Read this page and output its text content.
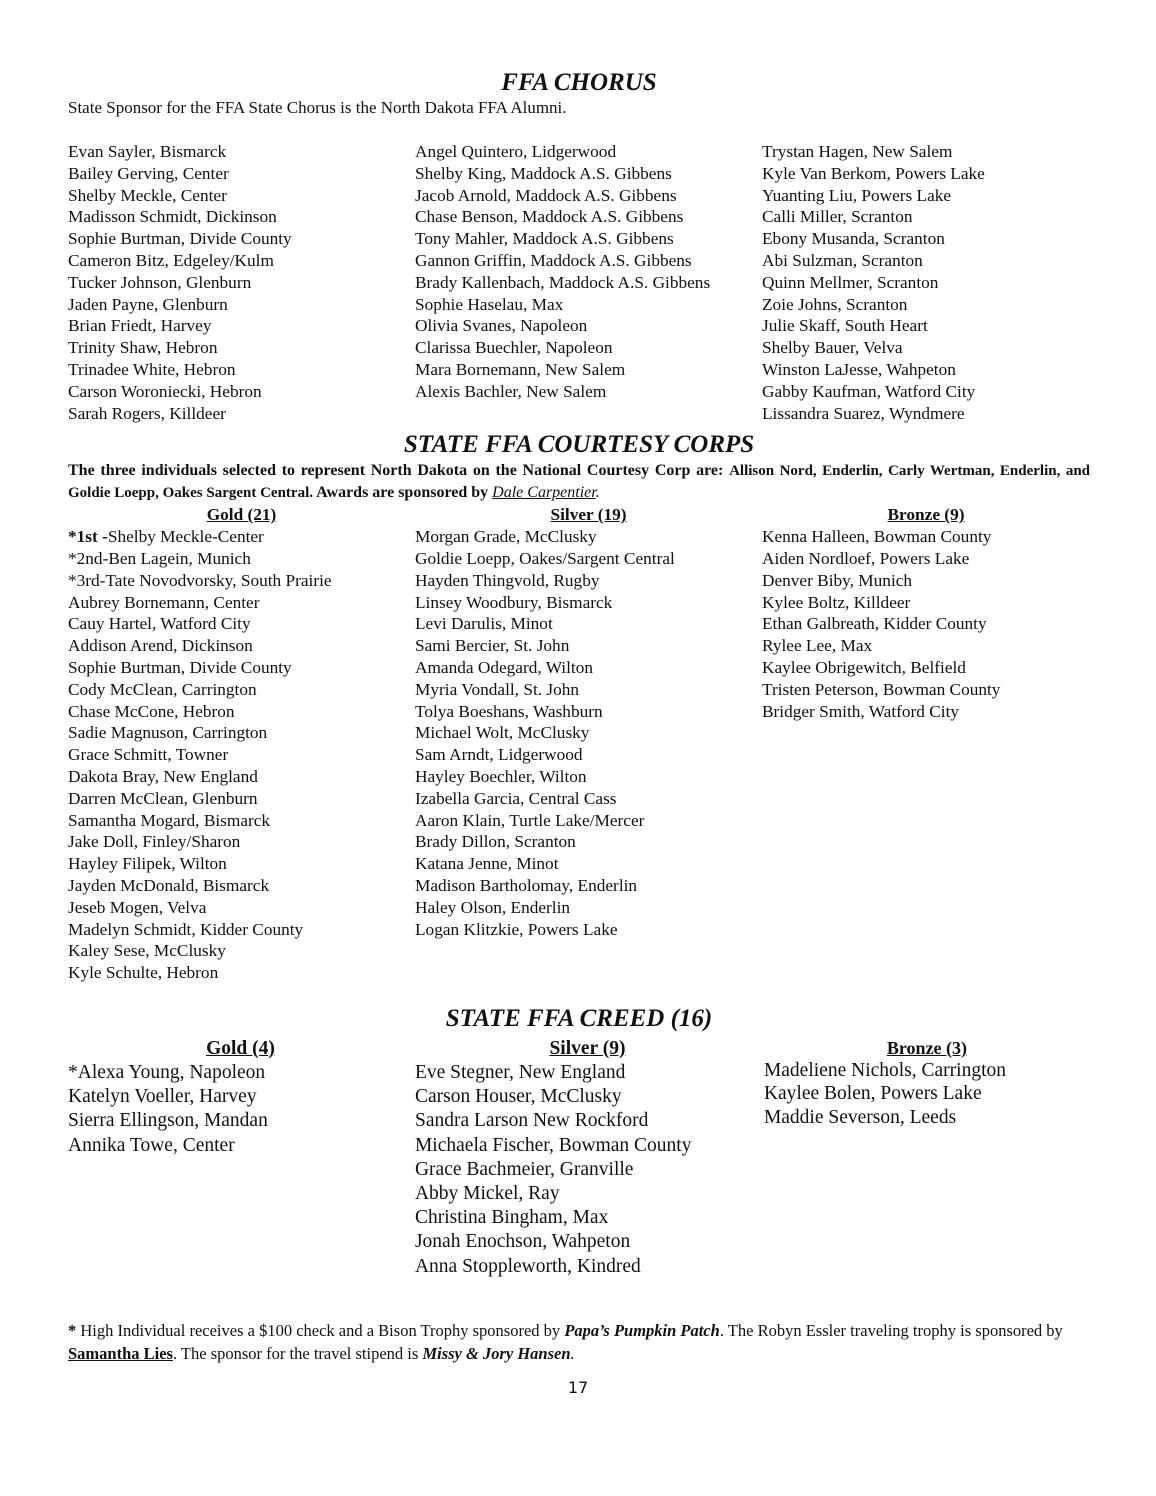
FFA CHORUS

State Sponsor for the FFA State Chorus is the North Dakota FFA Alumni.

Evan Sayler, Bismarck
Bailey Gerving, Center
Shelby Meckle, Center
Madisson Schmidt, Dickinson
Sophie Burtman, Divide County
Cameron Bitz, Edgeley/Kulm
Tucker Johnson, Glenburn
Jaden Payne, Glenburn
Brian Friedt, Harvey
Trinity Shaw, Hebron
Trinadee White, Hebron
Carson Woroniecki, Hebron
Sarah Rogers, Killdeer
Angel Quintero, Lidgerwood
Shelby King, Maddock A.S. Gibbens
Jacob Arnold, Maddock A.S. Gibbens
Chase Benson, Maddock A.S. Gibbens
Tony Mahler, Maddock A.S. Gibbens
Gannon Griffin, Maddock A.S. Gibbens
Brady Kallenbach, Maddock A.S. Gibbens
Sophie Haselau, Max
Olivia Svanes, Napoleon
Clarissa Buechler, Napoleon
Mara Bornemann, New Salem
Alexis Bachler, New Salem
Trystan Hagen, New Salem
Kyle Van Berkom, Powers Lake
Yuanting Liu, Powers Lake
Calli Miller, Scranton
Ebony Musanda, Scranton
Abi Sulzman, Scranton
Quinn Mellmer, Scranton
Zoie Johns, Scranton
Julie Skaff, South Heart
Shelby Bauer, Velva
Winston LaJesse, Wahpeton
Gabby Kaufman, Watford City
Lissandra Suarez, Wyndmere
STATE FFA COURTESY CORPS

The three individuals selected to represent North Dakota on the National Courtesy Corp are: Allison Nord, Enderlin, Carly Wertman, Enderlin, and Goldie Loepp, Oakes Sargent Central. Awards are sponsored by Dale Carpentier.

Gold (21)
*1st -Shelby Meckle-Center
*2nd-Ben Lagein, Munich
*3rd-Tate Novodvorsky, South Prairie
Aubrey Bornemann, Center
Cauy Hartel, Watford City
Addison Arend, Dickinson
Sophie Burtman, Divide County
Cody McClean, Carrington
Chase McCone, Hebron
Sadie Magnuson, Carrington
Grace Schmitt, Towner
Dakota Bray, New England
Darren McClean, Glenburn
Samantha Mogard, Bismarck
Jake Doll, Finley/Sharon
Hayley Filipek, Wilton
Jayden McDonald, Bismarck
Jeseb Mogen, Velva
Madelyn Schmidt, Kidder County
Kaley Sese, McClusky
Kyle Schulte, Hebron
Silver (19)
Morgan Grade, McClusky
Goldie Loepp, Oakes/Sargent Central
Hayden Thingvold, Rugby
Linsey Woodbury, Bismarck
Levi Darulis, Minot
Sami Bercier, St. John
Amanda Odegard, Wilton
Myria Vondall, St. John
Tolya Boeshans, Washburn
Michael Wolt, McClusky
Sam Arndt, Lidgerwood
Hayley Boechler, Wilton
Izabella Garcia, Central Cass
Aaron Klain, Turtle Lake/Mercer
Brady Dillon, Scranton
Katana Jenne, Minot
Madison Bartholomay, Enderlin
Haley Olson, Enderlin
Logan Klitzkie, Powers Lake
Bronze (9)
Kenna Halleen, Bowman County
Aiden Nordloef, Powers Lake
Denver Biby, Munich
Kylee Boltz, Killdeer
Ethan Galbreath, Kidder County
Rylee Lee, Max
Kaylee Obrigewitch, Belfield
Tristen Peterson, Bowman County
Bridger Smith, Watford City
STATE FFA CREED (16)
Gold (4)
*Alexa Young, Napoleon
Katelyn Voeller, Harvey
Sierra Ellingson, Mandan
Annika Towe, Center
Silver (9)
Eve Stegner, New England
Carson Houser, McClusky
Sandra Larson New Rockford
Michaela Fischer, Bowman County
Grace Bachmeier, Granville
Abby Mickel, Ray
Christina Bingham, Max
Jonah Enochson, Wahpeton
Anna Stoppleworth, Kindred
Bronze (3)
Madeliene Nichols, Carrington
Kaylee Bolen, Powers Lake
Maddie Severson, Leeds

* High Individual receives a $100 check and a Bison Trophy sponsored by Papa’s Pumpkin Patch. The Robyn Essler traveling trophy is sponsored by Samantha Lies. The sponsor for the travel stipend is Missy & Jory Hansen.

17
